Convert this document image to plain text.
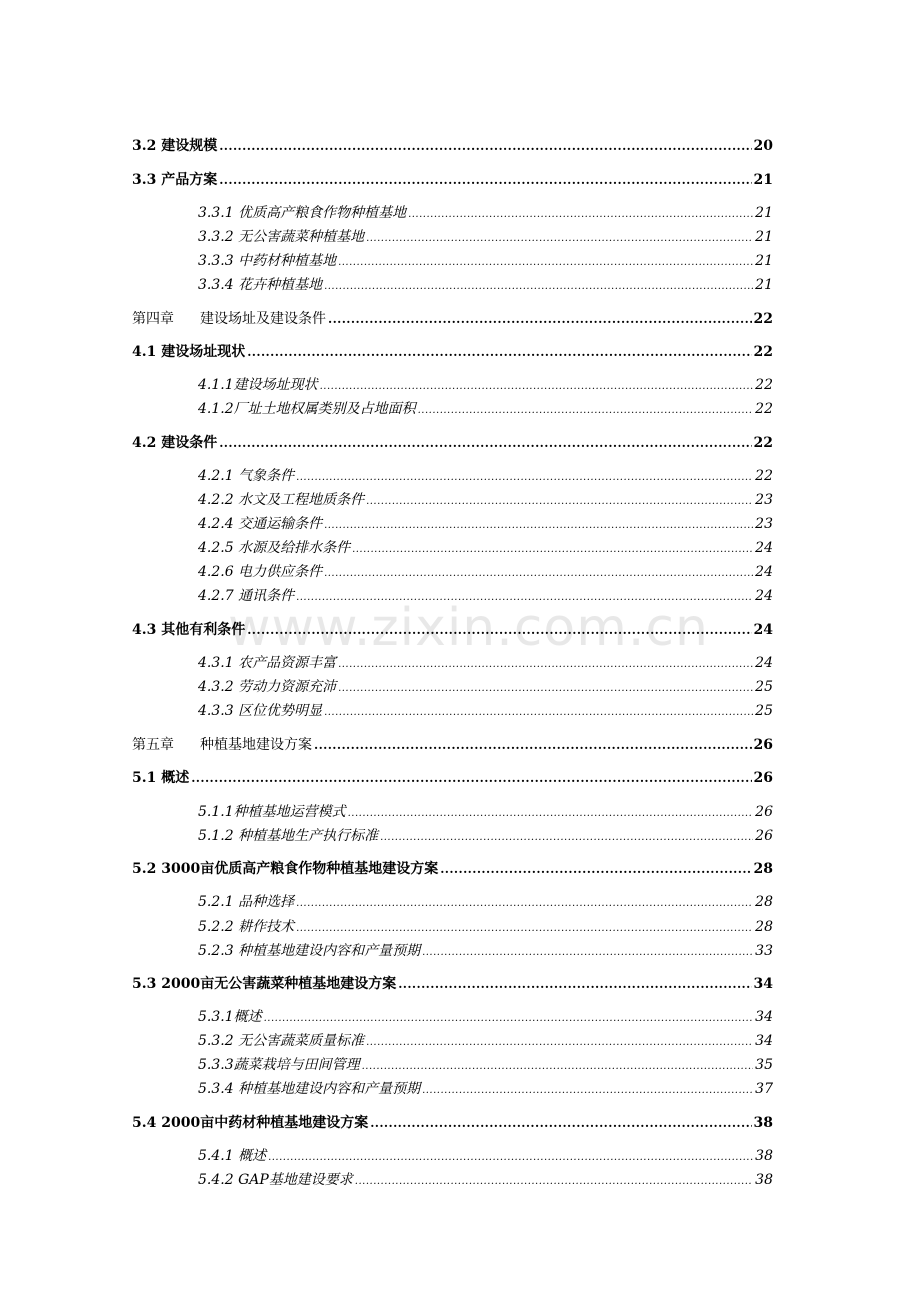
www.zixin.com.cn
3.2 建设规模 .....	20
3.3 产品方案 .....	21
3.3.1 优质高产粮食作物种植基地 .....	21
3.3.2 无公害蔬菜种植基地 .....	21
3.3.3 中药材种植基地 .....	21
3.3.4 花卉种植基地 .....	21
第四章 建设场址及建设条件 .....	22
4.1 建设场址现状 .....	22
4.1.1建设场址现状 .....	22
4.1.2厂址土地权属类别及占地面积 .....	22
4.2 建设条件 .....	22
4.2.1 气象条件 .....	22
4.2.2 水文及工程地质条件 .....	23
4.2.4 交通运输条件 .....	23
4.2.5 水源及给排水条件 .....	24
4.2.6 电力供应条件 .....	24
4.2.7 通讯条件 .....	24
4.3 其他有利条件 .....	24
4.3.1 农产品资源丰富 .....	24
4.3.2 劳动力资源充沛 .....	25
4.3.3 区位优势明显 .....	25
第五章 种植基地建设方案 .....	26
5.1 概述 .....	26
5.1.1种植基地运营模式 .....	26
5.1.2 种植基地生产执行标准 .....	26
5.2 3000亩优质高产粮食作物种植基地建设方案 .....	28
5.2.1 品种选择 .....	28
5.2.2 耕作技术 .....	28
5.2.3 种植基地建设内容和产量预期 .....	33
5.3 2000亩无公害蔬菜种植基地建设方案 .....	34
5.3.1概述 .....	34
5.3.2 无公害蔬菜质量标准 .....	34
5.3.3蔬菜栽培与田间管理 .....	35
5.3.4 种植基地建设内容和产量预期 .....	37
5.4 2000亩中药材种植基地建设方案 .....	38
5.4.1 概述 .....	38
5.4.2 GAP基地建设要求 .....	38
